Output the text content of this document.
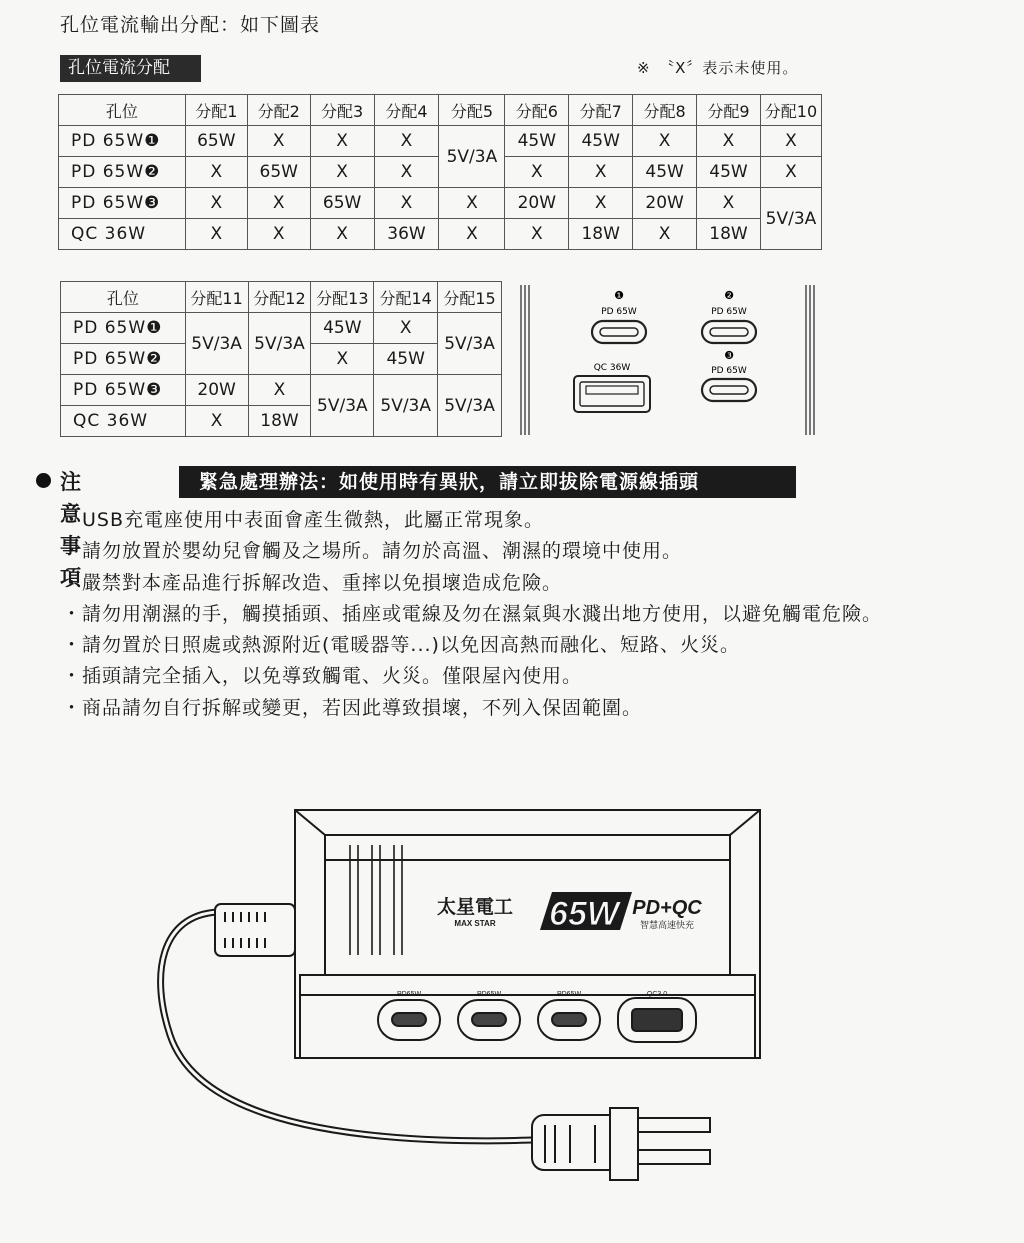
孔位電流輸出分配：如下圖表
孔位電流分配	※　〝X〞表示未使用。
孔位	分配1	分配2	分配3	分配4	分配5	分配6	分配7	分配8	分配9	分配10
PD 65W❶	65W	X	X	X	5V/3A	45W	45W	X	X	X
PD 65W❷	X	65W	X	X		X	X	45W	45W	X
PD 65W❸	X	X	65W	X	X	20W	X	20W	X	5V/3A
QC 36W	X	X	X	36W	X	X	18W	X	18W	
孔位	分配11	分配12	分配13	分配14	分配15
PD 65W❶	5V/3A	5V/3A	45W	X	5V/3A
PD 65W❷			X	45W	
PD 65W❸	20W	X	5V/3A	5V/3A	5V/3A
QC 36W	X	18W			
❶
PD 65W
❷
PD 65W
❸
PD 65W
QC 36W
注意事項
緊急處理辦法：如使用時有異狀，請立即拔除電源線插頭
・ USB充電座使用中表面會產生微熱，此屬正常現象。
・ 請勿放置於嬰幼兒會觸及之場所。請勿於高溫、潮濕的環境中使用。
・ 嚴禁對本產品進行拆解改造、重摔以免損壞造成危險。
・ 請勿用潮濕的手，觸摸插頭、插座或電線及勿在濕氣與水濺出地方使用，以避免觸電危險。
・ 請勿置於日照處或熱源附近(電暖器等...)以免因高熱而融化、短路、火災。
・ 插頭請完全插入，以免導致觸電、火災。僅限屋內使用。
・ 商品請勿自行拆解或變更，若因此導致損壞，不列入保固範圍。
太星電工
MAX STAR 65W PD+QC
智慧高速快充
PD65W	PD65W	PD65W	QC3.0
